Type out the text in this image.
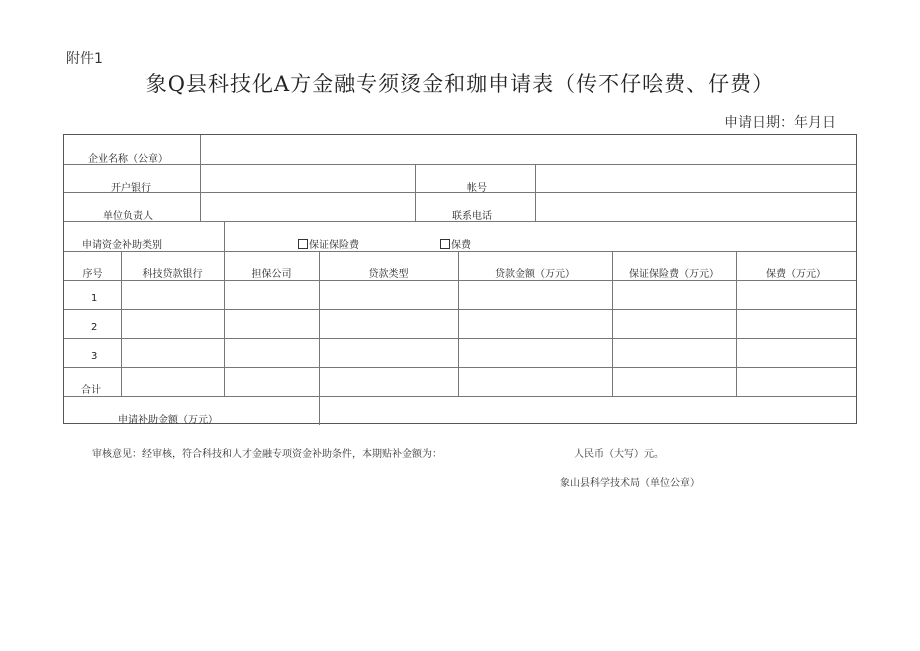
附件1
象Q县科技化A方金融专须烫金和珈申请表（传不仔哙费、仔费）
申请日期：年月日
企业名称（公章）
开户银行	帐号
单位负责人	联系电话
申请资金补助类别	保证保险费	保费
序号	科技贷款银行	担保公司	贷款类型	贷款金额（万元）	保证保险费（万元）	保费（万元）
1
2
3
合计
申请补助金额（万元）
审核意见：经审核，符合科技和人才金融专项资金补助条件，本期贴补金额为：	人民币（大写）元。
象山县科学技术局（单位公章）
